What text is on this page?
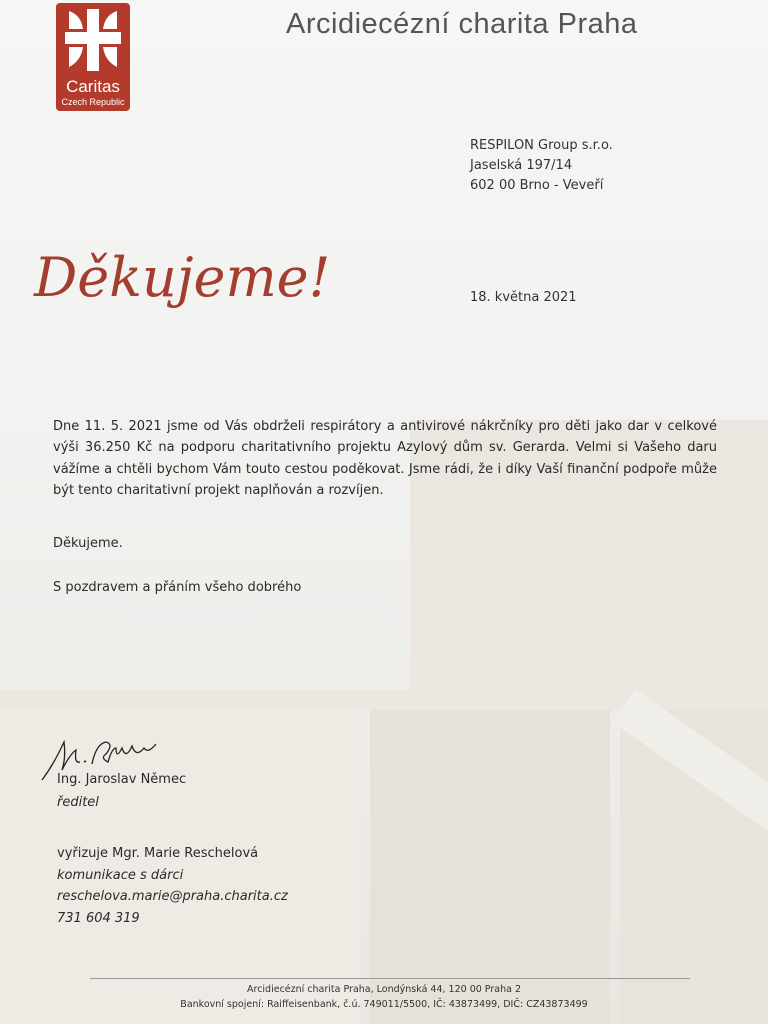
Caritas
Czech Republic
Arcidiecézní charita Praha
RESPILON Group s.r.o.
Jaselská 197/14
602 00 Brno - Veveří
Děkujeme!	18. května 2021
Dne 11. 5. 2021 jsme od Vás obdrželi respirátory a antivirové nákrčníky pro děti jako dar v celkové výši 36.250 Kč na podporu charitativního projektu Azylový dům sv. Gerarda. Velmi si Vašeho daru vážíme a chtěli bychom Vám touto cestou poděkovat. Jsme rádi, že i díky Vaší finanční podpoře může být tento charitativní projekt naplňován a rozvíjen.
Děkujeme.
S pozdravem a přáním všeho dobrého
Ing. Jaroslav Němec
ředitel
vyřizuje Mgr. Marie Reschelová
komunikace s dárci
reschelova.marie@praha.charita.cz
731 604 319
Arcidiecézní charita Praha, Londýnská 44, 120 00 Praha 2
Bankovní spojení: Raiffeisenbank, č.ú. 749011/5500, IČ: 43873499, DIČ: CZ43873499
